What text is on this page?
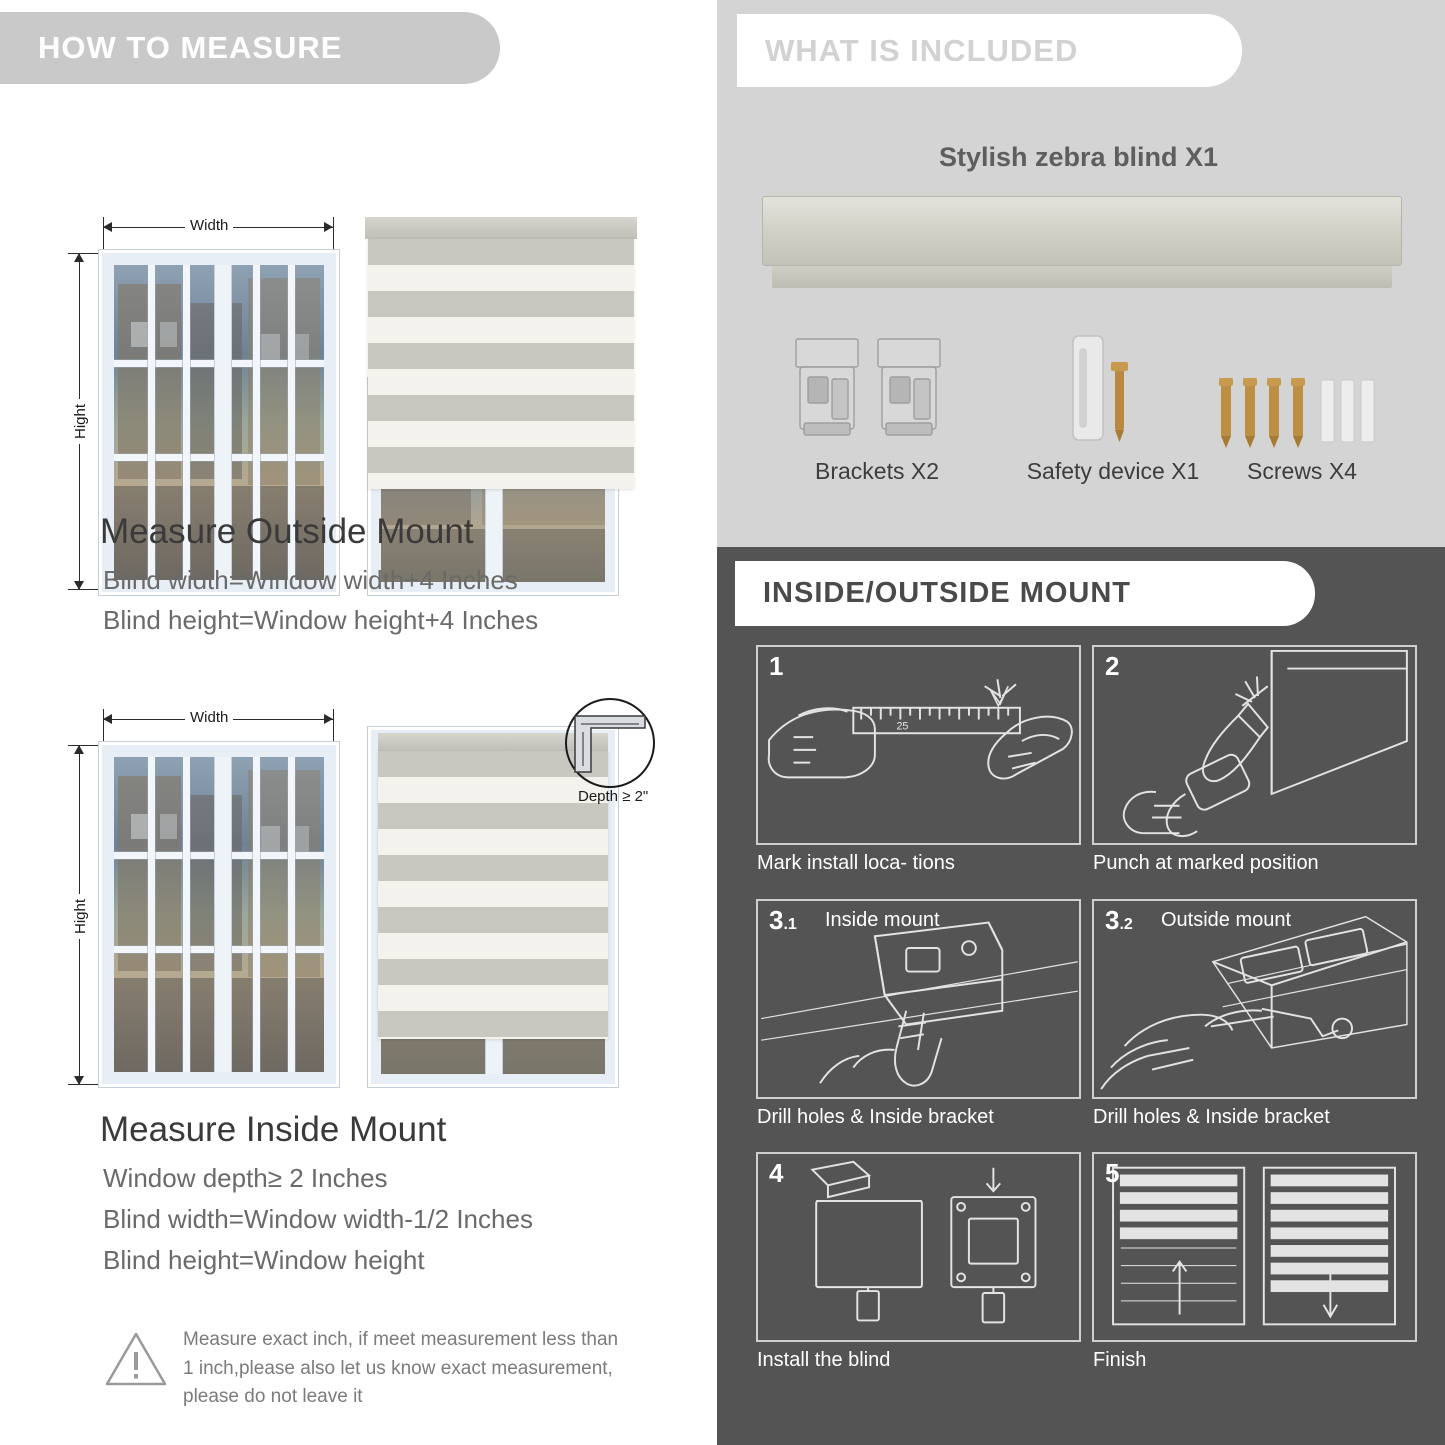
HOW TO MEASURE
Width
Hight
Measure Outside Mount
Blind width=Window width+4 Inches
Blind height=Window height+4 Inches
Width
Hight
Depth ≥ 2"
Measure Inside Mount
Window depth≥ 2 Inches
Blind width=Window width-1/2 Inches
Blind height=Window height
Measure exact inch, if meet measurement less than 1 inch,please also let us know exact measurement, please do not leave it
WHAT IS INCLUDED
Stylish zebra blind X1
Brackets X2	Safety device X1	Screws X4
INSIDE/OUTSIDE MOUNT
25
1
Mark install loca- tions
2
Punch at marked position
3.1 Inside mount
Drill holes & Inside bracket
3.2 Outside mount
Drill holes & Inside bracket
4
Install the blind
5
Finish
